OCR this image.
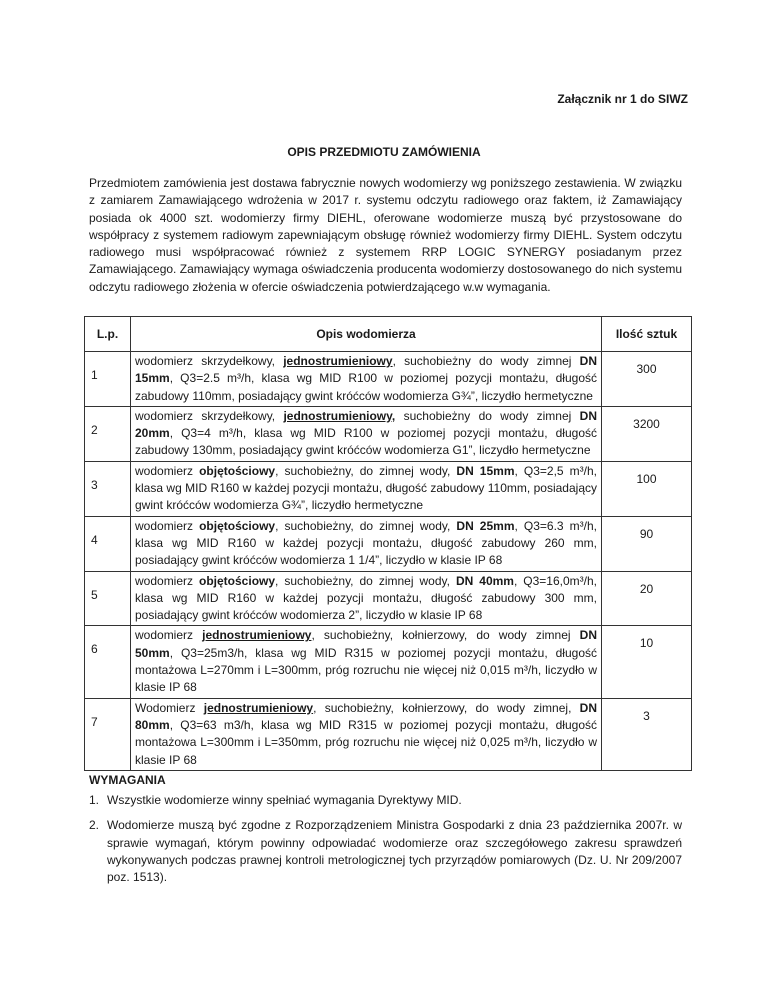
Załącznik nr 1 do SIWZ
OPIS PRZEDMIOTU ZAMÓWIENIA
Przedmiotem zamówienia jest dostawa fabrycznie nowych wodomierzy wg poniższego zestawienia. W związku z zamiarem Zamawiającego wdrożenia w 2017 r. systemu odczytu radiowego oraz faktem, iż Zamawiający posiada ok 4000 szt. wodomierzy firmy DIEHL, oferowane wodomierze muszą być przystosowane do współpracy z systemem radiowym zapewniającym obsługę również wodomierzy firmy DIEHL. System odczytu radiowego musi współpracować również z systemem RRP LOGIC SYNERGY posiadanym przez Zamawiającego. Zamawiający wymaga oświadczenia producenta wodomierzy dostosowanego do nich systemu odczytu radiowego złożenia w ofercie oświadczenia potwierdzającego w.w wymagania.
L.p.	Opis wodomierza	Ilość sztuk
1	wodomierz skrzydełkowy, jednostrumieniowy, suchobieżny do wody zimnej DN 15mm, Q3=2.5 m³/h, klasa wg MID R100 w poziomej pozycji montażu, długość zabudowy 110mm, posiadający gwint króćców wodomierza G¾”, liczydło hermetyczne	300
2	wodomierz skrzydełkowy, jednostrumieniowy, suchobieżny do wody zimnej DN 20mm, Q3=4 m³/h, klasa wg MID R100 w poziomej pozycji montażu, długość zabudowy 130mm, posiadający gwint króćców wodomierza G1”, liczydło hermetyczne	3200
3	wodomierz objętościowy, suchobieżny, do zimnej wody, DN 15mm, Q3=2,5 m³/h, klasa wg MID R160 w każdej pozycji montażu, długość zabudowy 110mm, posiadający gwint króćców wodomierza G¾”, liczydło hermetyczne	100
4	wodomierz objętościowy, suchobieżny, do zimnej wody, DN 25mm, Q3=6.3 m³/h, klasa wg MID R160 w każdej pozycji montażu, długość zabudowy 260 mm, posiadający gwint króćców wodomierza 1 1/4”, liczydło w klasie IP 68	90
5	wodomierz objętościowy, suchobieżny, do zimnej wody, DN 40mm, Q3=16,0m³/h, klasa wg MID R160 w każdej pozycji montażu, długość zabudowy 300 mm, posiadający gwint króćców wodomierza 2”, liczydło w klasie IP 68	20
6	wodomierz jednostrumieniowy, suchobieżny, kołnierzowy, do wody zimnej DN 50mm, Q3=25m3/h, klasa wg MID R315 w poziomej pozycji montażu, długość montażowa L=270mm i L=300mm, próg rozruchu nie więcej niż 0,015 m³/h, liczydło w klasie IP 68	10
7	Wodomierz jednostrumieniowy, suchobieżny, kołnierzowy, do wody zimnej, DN 80mm, Q3=63 m3/h, klasa wg MID R315 w poziomej pozycji montażu, długość montażowa L=300mm i L=350mm, próg rozruchu nie więcej niż 0,025 m³/h, liczydło w klasie IP 68	3
WYMAGANIA
1. Wszystkie wodomierze winny spełniać wymagania Dyrektywy MID.
2. Wodomierze muszą być zgodne z Rozporządzeniem Ministra Gospodarki z dnia 23 października 2007r. w sprawie wymagań, którym powinny odpowiadać wodomierze oraz szczegółowego zakresu sprawdzeń wykonywanych podczas prawnej kontroli metrologicznej tych przyrządów pomiarowych (Dz. U. Nr 209/2007 poz. 1513).
